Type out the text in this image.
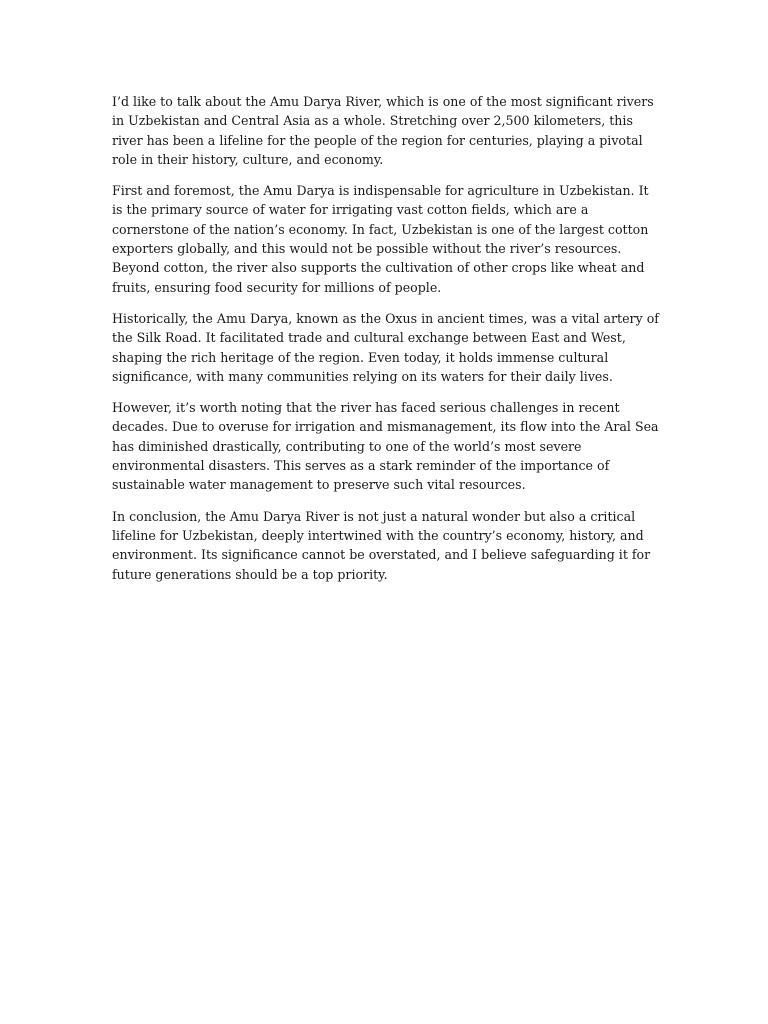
I’d like to talk about the Amu Darya River, which is one of the most significant rivers in Uzbekistan and Central Asia as a whole. Stretching over 2,500 kilometers, this river has been a lifeline for the people of the region for centuries, playing a pivotal role in their history, culture, and economy.

First and foremost, the Amu Darya is indispensable for agriculture in Uzbekistan. It is the primary source of water for irrigating vast cotton fields, which are a cornerstone of the nation’s economy. In fact, Uzbekistan is one of the largest cotton exporters globally, and this would not be possible without the river’s resources. Beyond cotton, the river also supports the cultivation of other crops like wheat and fruits, ensuring food security for millions of people.

Historically, the Amu Darya, known as the Oxus in ancient times, was a vital artery of the Silk Road. It facilitated trade and cultural exchange between East and West, shaping the rich heritage of the region. Even today, it holds immense cultural significance, with many communities relying on its waters for their daily lives.

However, it’s worth noting that the river has faced serious challenges in recent decades. Due to overuse for irrigation and mismanagement, its flow into the Aral Sea has diminished drastically, contributing to one of the world’s most severe environmental disasters. This serves as a stark reminder of the importance of sustainable water management to preserve such vital resources.

In conclusion, the Amu Darya River is not just a natural wonder but also a critical lifeline for Uzbekistan, deeply intertwined with the country’s economy, history, and environment. Its significance cannot be overstated, and I believe safeguarding it for future generations should be a top priority.
